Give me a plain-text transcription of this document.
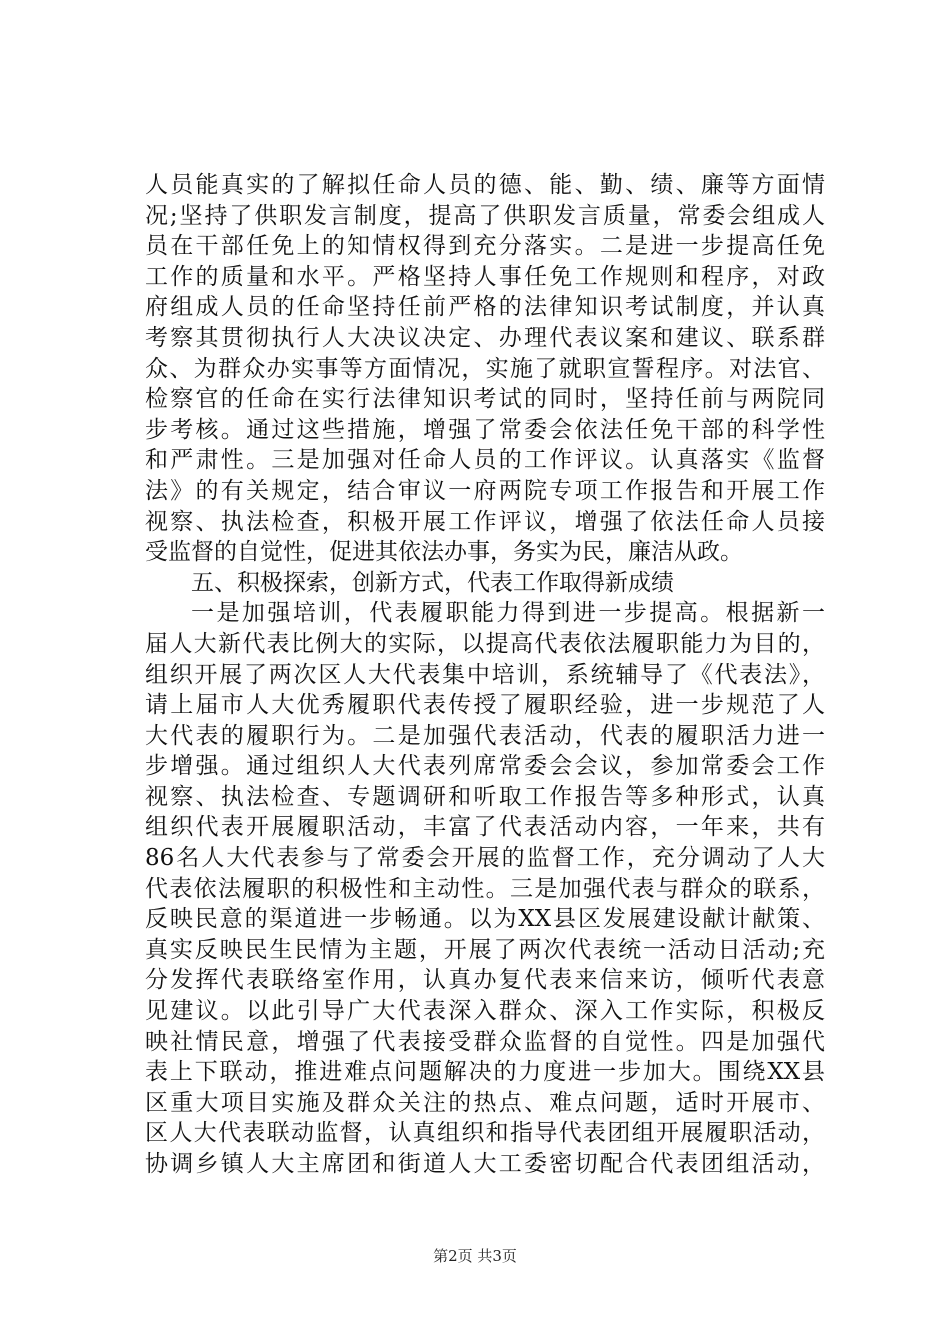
人员能真实的了解拟任命人员的德、能、勤、绩、廉等方面情
况;坚持了供职发言制度，提高了供职发言质量，常委会组成人
员在干部任免上的知情权得到充分落实。二是进一步提高任免
工作的质量和水平。严格坚持人事任免工作规则和程序，对政
府组成人员的任命坚持任前严格的法律知识考试制度，并认真
考察其贯彻执行人大决议决定、办理代表议案和建议、联系群
众、为群众办实事等方面情况，实施了就职宣誓程序。对法官、
检察官的任命在实行法律知识考试的同时，坚持任前与两院同
步考核。通过这些措施，增强了常委会依法任免干部的科学性
和严肃性。三是加强对任命人员的工作评议。认真落实《监督
法》的有关规定，结合审议一府两院专项工作报告和开展工作
视察、执法检查，积极开展工作评议，增强了依法任命人员接
受监督的自觉性，促进其依法办事，务实为民，廉洁从政。
五、积极探索，创新方式，代表工作取得新成绩
一是加强培训，代表履职能力得到进一步提高。根据新一
届人大新代表比例大的实际，以提高代表依法履职能力为目的，
组织开展了两次区人大代表集中培训，系统辅导了《代表法》，
请上届市人大优秀履职代表传授了履职经验，进一步规范了人
大代表的履职行为。二是加强代表活动，代表的履职活力进一
步增强。通过组织人大代表列席常委会会议，参加常委会工作
视察、执法检查、专题调研和听取工作报告等多种形式，认真
组织代表开展履职活动，丰富了代表活动内容，一年来，共有
86名人大代表参与了常委会开展的监督工作，充分调动了人大
代表依法履职的积极性和主动性。三是加强代表与群众的联系，
反映民意的渠道进一步畅通。以为XX县区发展建设献计献策、
真实反映民生民情为主题，开展了两次代表统一活动日活动;充
分发挥代表联络室作用，认真办复代表来信来访，倾听代表意
见建议。以此引导广大代表深入群众、深入工作实际，积极反
映社情民意，增强了代表接受群众监督的自觉性。四是加强代
表上下联动，推进难点问题解决的力度进一步加大。围绕XX县
区重大项目实施及群众关注的热点、难点问题，适时开展市、
区人大代表联动监督，认真组织和指导代表团组开展履职活动，
协调乡镇人大主席团和街道人大工委密切配合代表团组活动，
第2页 共3页
